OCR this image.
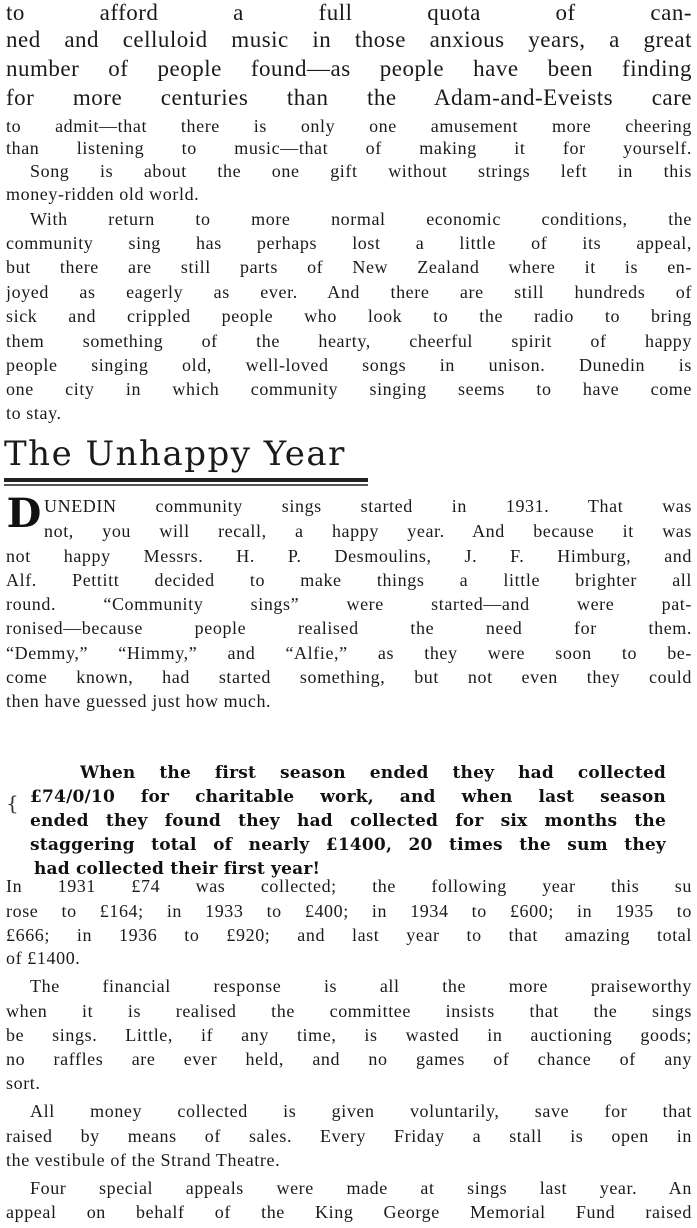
to afford a full quota of can-
ned and celluloid music in those anxious years, a great
number of people found—as people have been finding
for more centuries than the Adam-and-Eveists care
to admit—that there is only one amusement more cheering
than listening to music—that of making it for yourself.
Song is about the one gift without strings left in this
money-ridden old world.
With return to more normal economic conditions, the
community sing has perhaps lost a little of its appeal,
but there are still parts of New Zealand where it is en-
joyed as eagerly as ever. And there are still hundreds of
sick and crippled people who look to the radio to bring
them something of the hearty, cheerful spirit of happy
people singing old, well-loved songs in unison. Dunedin is
one city in which community singing seems to have come
to stay.
The Unhappy Year
D UNEDIN community sings started in 1931. That was
not, you will recall, a happy year. And because it was
not happy Messrs. H. P. Desmoulins, J. F. Himburg, and
Alf. Pettitt decided to make things a little brighter all
round. “Community sings” were started—and were pat-
ronised—because people realised the need for them.
“Demmy,” “Himmy,” and “Alfie,” as they were soon to be-
come known, had started something, but not even they could
then have guessed just how much.
{
When the first season ended they had collected
£74/0/10 for charitable work, and when last season
ended they found they had collected for six months the
staggering total of nearly £1400, 20 times the sum they
had collected their first year!
In 1931 £74 was collected; the following year this su
rose to £164; in 1933 to £400; in 1934 to £600; in 1935 to
£666; in 1936 to £920; and last year to that amazing total
of £1400.
The financial response is all the more praiseworthy
when it is realised the committee insists that the sings
be sings. Little, if any time, is wasted in auctioning goods;
no raffles are ever held, and no games of chance of any
sort.
All money collected is given voluntarily, save for that
raised by means of sales. Every Friday a stall is open in
the vestibule of the Strand Theatre.
Four special appeals were made at sings last year. An
appeal on behalf of the King George Memorial Fund raised
